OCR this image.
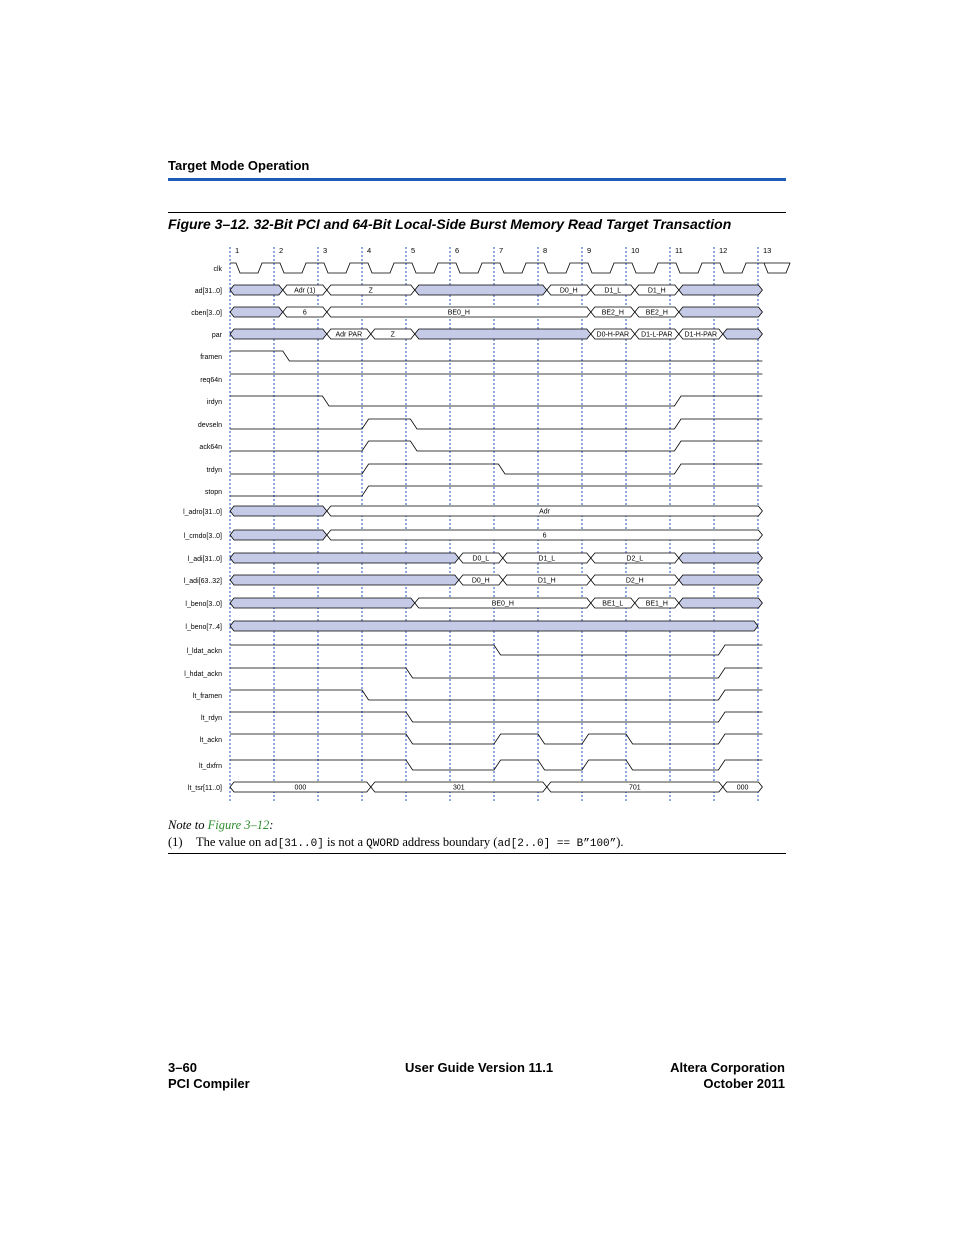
Target Mode Operation
Figure 3–12. 32-Bit PCI and 64-Bit Local-Side Burst Memory Read Target Transaction
1	2	3	4	5	6	7	8	9	10	11	12	13
clk
ad[31..0]	Adr (1)	Z	D0_H	D1_L	D1_H
cben[3..0]	6	BE0_H	BE2_H	BE2_H
par	Adr PAR	Z	D0-H-PAR D1-L-PAR D1-H-PAR
framen
req64n
irdyn
devseln
ack64n
trdyn
stopn
l_adro[31..0]	Adr
l_cmdo[3..0]	6
l_adi[31..0]	D0_L	D1_L	D2_L
l_adi[63..32]	D0_H	D1_H	D2_H
l_beno[3..0]	BE0_H	BE1_L	BE1_H
l_beno[7..4]
l_ldat_ackn
l_hdat_ackn
lt_framen
lt_rdyn
lt_ackn
lt_dxfrn
lt_tsr[11..0]	000	301	701	000
Note to Figure 3–12:
(1) The value on ad[31..0] is not a QWORD address boundary (ad[2..0] == B”100”).
3–60
PCI Compiler
User Guide Version 11.1	Altera Corporation
October 2011
